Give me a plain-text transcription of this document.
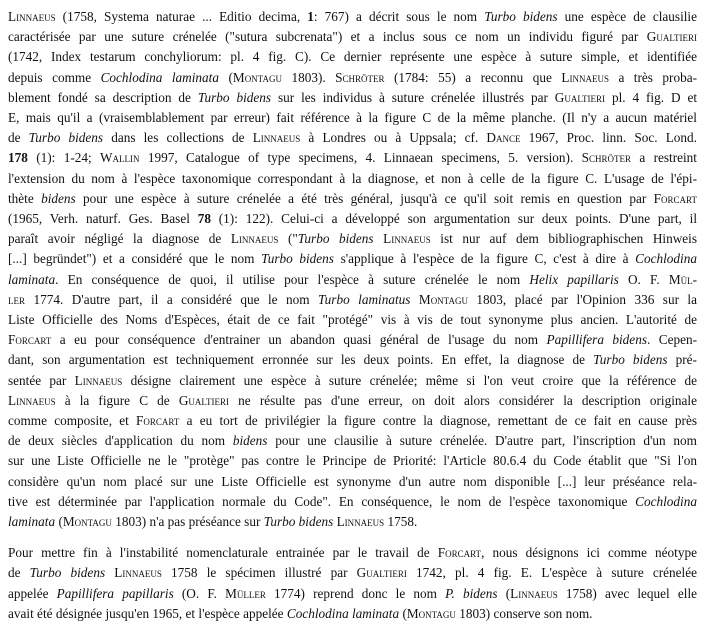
Linnaeus (1758, Systema naturae ... Editio decima, 1: 767) a décrit sous le nom Turbo bidens une espèce de clausilie
caractérisée par une suture crénelée ("sutura subcrenata") et a inclus sous ce nom un individu figuré par Gualtieri
(1742, Index testarum conchyliorum: pl. 4 fig. C). Ce dernier représente une espèce à suture simple, et identifiée
depuis comme Cochlodina laminata (Montagu 1803). Schröter (1784: 55) a reconnu que Linnaeus a très proba-
blement fondé sa description de Turbo bidens sur les individus à suture crénelée illustrés par Gualtieri pl. 4 fig. D et
E, mais qu'il a (vraisemblablement par erreur) fait référence à la figure C de la même planche. (Il n'y a aucun matériel
de Turbo bidens dans les collections de Linnaeus à Londres ou à Uppsala; cf. Dance 1967, Proc. linn. Soc. Lond.
178 (1): 1-24; Wallin 1997, Catalogue of type specimens, 4. Linnaean specimens, 5. version). Schröter a restreint
l'extension du nom à l'espèce taxonomique correspondant à la diagnose, et non à celle de la figure C. L'usage de l'épi-
thète bidens pour une espèce à suture crénelée a été très général, jusqu'à ce qu'il soit remis en question par Forcart
(1965, Verh. naturf. Ges. Basel 78 (1): 122). Celui-ci a développé son argumentation sur deux points. D'une part, il
paraît avoir négligé la diagnose de Linnaeus ("Turbo bidens Linnaeus ist nur auf dem bibliographischen Hinweis
[...] begründet") et a considéré que le nom Turbo bidens s'applique à l'espèce de la figure C, c'est à dire à Cochlodina
laminata. En conséquence de quoi, il utilise pour l'espèce à suture crénelée le nom Helix papillaris O. F. Mül-
ler 1774. D'autre part, il a considéré que le nom Turbo laminatus Montagu 1803, placé par l'Opinion 336 sur la
Liste Officielle des Noms d'Espèces, était de ce fait "protégé" vis à vis de tout synonyme plus ancien. L'autorité de
Forcart a eu pour conséquence d'entrainer un abandon quasi général de l'usage du nom Papillifera bidens. Cepen-
dant, son argumentation est techniquement erronnée sur les deux points. En effet, la diagnose de Turbo bidens pré-
sentée par Linnaeus désigne clairement une espèce à suture crénelée; même si l'on veut croire que la référence de
Linnaeus à la figure C de Gualtieri ne résulte pas d'une erreur, on doit alors considérer la description originale
comme composite, et Forcart a eu tort de privilégier la figure contre la diagnose, remettant de ce fait en cause près
de deux siècles d'application du nom bidens pour une clausilie à suture crénelée. D'autre part, l'inscription d'un nom
sur une Liste Officielle ne le "protège" pas contre le Principe de Priorité: l'Article 80.6.4 du Code établit que "Si l'on
considère qu'un nom placé sur une Liste Officielle est synonyme d'un autre nom disponible [...] leur préséance rela-
tive est déterminée par l'application normale du Code". En conséquence, le nom de l'espèce taxonomique Cochlodina
laminata (Montagu 1803) n'a pas préséance sur Turbo bidens Linnaeus 1758.

Pour mettre fin à l'instabilité nomenclaturale entrainée par le travail de Forcart, nous désignons ici comme néotype
de Turbo bidens Linnaeus 1758 le spécimen illustré par Gualtieri 1742, pl. 4 fig. E. L'espèce à suture crénelée
appelée Papillifera papillaris (O. F. Müller 1774) reprend donc le nom P. bidens (Linnaeus 1758) avec lequel elle
avait été désignée jusqu'en 1965, et l'espèce appelée Cochlodina laminata (Montagu 1803) conserve son nom.
